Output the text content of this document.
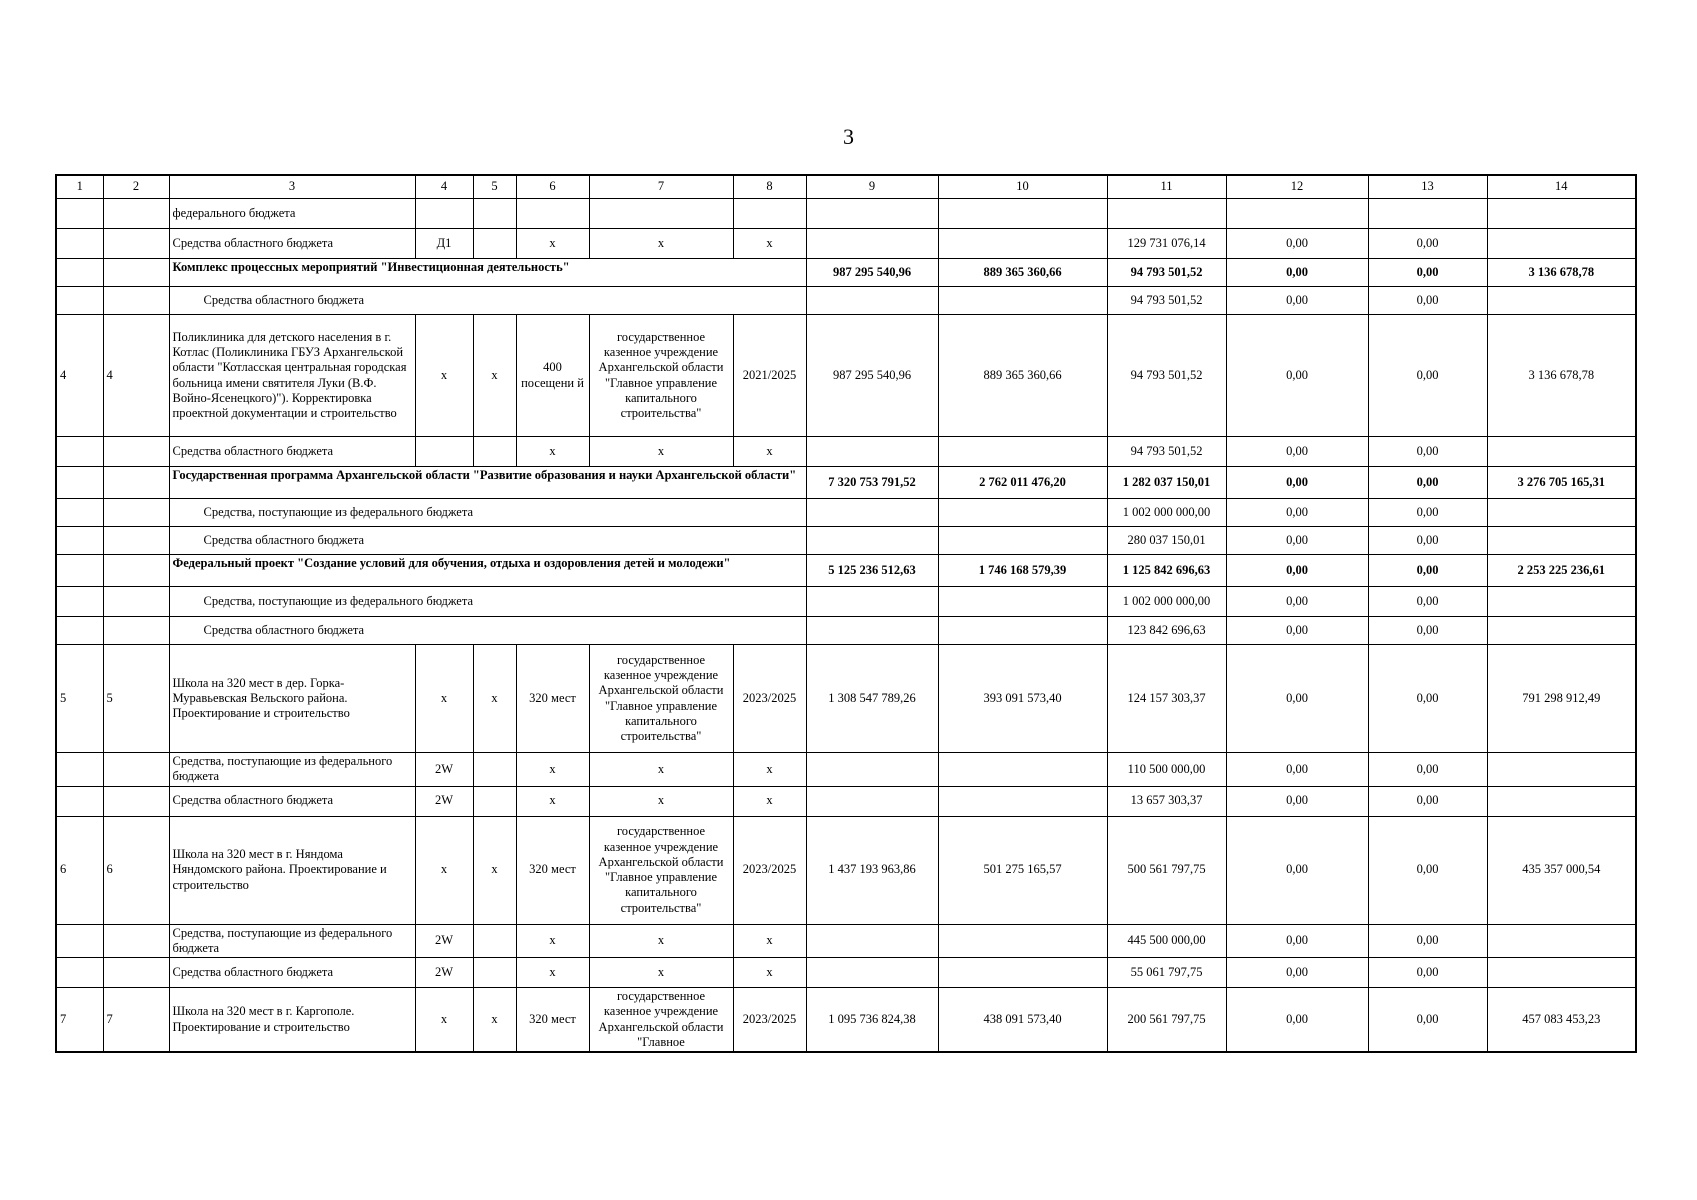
3
1	2	3	4	5	6	7	8	9	10	11	12	13	14
		федерального бюджета											
		Средства областного бюджета	Д1		х	х	х			129 731 076,14	0,00	0,00	
		Комплекс процессных мероприятий "Инвестиционная деятельность"						987 295 540,96	889 365 360,66	94 793 501,52	0,00	0,00	3 136 678,78
		Средства областного бюджета								94 793 501,52	0,00	0,00	
4	4	Поликлиника для детского населения в г. Котлас (Поликлиника ГБУЗ Архангельской области "Котласская центральная городская больница имени святителя Луки (В.Ф. Войно-Ясенецкого)"). Корректировка проектной документации и строительство	х	х	400 посещени й	государственное казенное учреждение Архангельской области "Главное управление капитального строительства"	2021/2025	987 295 540,96	889 365 360,66	94 793 501,52	0,00	0,00	3 136 678,78
		Средства областного бюджета			х	х	х			94 793 501,52	0,00	0,00	
		Государственная программа Архангельской области "Развитие образования и науки Архангельской области"						7 320 753 791,52	2 762 011 476,20	1 282 037 150,01	0,00	0,00	3 276 705 165,31
		Средства, поступающие из федерального бюджета								1 002 000 000,00	0,00	0,00	
		Средства областного бюджета								280 037 150,01	0,00	0,00	
		Федеральный проект "Создание условий для обучения, отдыха и оздоровления детей и молодежи"						5 125 236 512,63	1 746 168 579,39	1 125 842 696,63	0,00	0,00	2 253 225 236,61
		Средства, поступающие из федерального бюджета								1 002 000 000,00	0,00	0,00	
		Средства областного бюджета								123 842 696,63	0,00	0,00	
5	5	Школа на 320 мест в дер. Горка-Муравьевская Вельского района. Проектирование и строительство	х	х	320 мест	государственное казенное учреждение Архангельской области "Главное управление капитального строительства"	2023/2025	1 308 547 789,26	393 091 573,40	124 157 303,37	0,00	0,00	791 298 912,49
		Средства, поступающие из федерального бюджета	2W		х	х	х			110 500 000,00	0,00	0,00	
		Средства областного бюджета	2W		х	х	х			13 657 303,37	0,00	0,00	
6	6	Школа на 320 мест в г. Няндома Няндомского района. Проектирование и строительство	х	х	320 мест	государственное казенное учреждение Архангельской области "Главное управление капитального строительства"	2023/2025	1 437 193 963,86	501 275 165,57	500 561 797,75	0,00	0,00	435 357 000,54
		Средства, поступающие из федерального бюджета	2W		х	х	х			445 500 000,00	0,00	0,00	
		Средства областного бюджета	2W		х	х	х			55 061 797,75	0,00	0,00	
7	7	Школа на 320 мест в г. Каргополе. Проектирование и строительство	х	х	320 мест	государственное казенное учреждение Архангельской области "Главное	2023/2025	1 095 736 824,38	438 091 573,40	200 561 797,75	0,00	0,00	457 083 453,23
